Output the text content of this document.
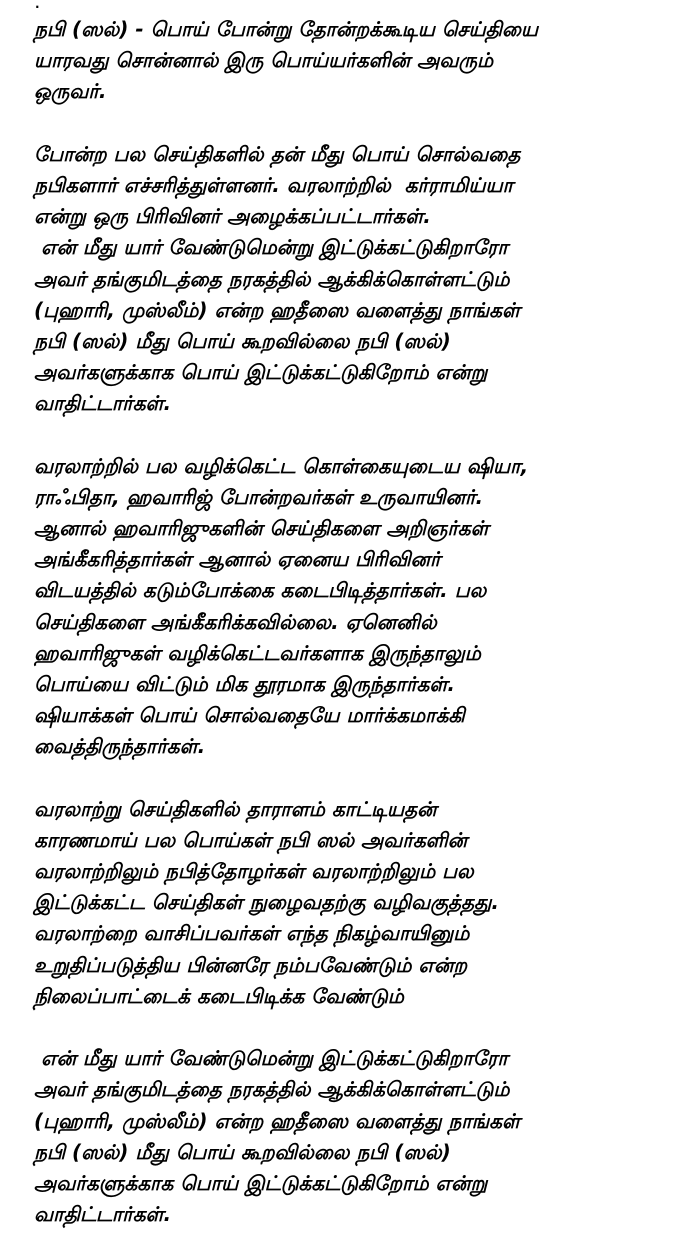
.
நபி (ஸல்) - பொய் போன்று தோன்றக்கூடிய செய்தியை
யாரவது சொன்னால் இரு பொய்யர்களின் அவரும்
ஒருவர்.
போன்ற பல செய்திகளில் தன் மீது பொய் சொல்வதை
நபிகளார் எச்சரித்துள்ளனர். வரலாற்றில்  கர்ராமிய்யா
என்று ஒரு பிரிவினர் அழைக்கப்பட்டார்கள்.
என் மீது யார் வேண்டுமென்று இட்டுக்கட்டுகிறாரோ
அவர் தங்குமிடத்தை நரகத்தில் ஆக்கிக்கொள்ளட்டும்
(புஹாரி, முஸ்லீம்) என்ற ஹதீஸை வளைத்து நாங்கள்
நபி (ஸல்) மீது பொய் கூறவில்லை நபி (ஸல்)
அவர்களுக்காக பொய் இட்டுக்கட்டுகிறோம் என்று
வாதிட்டார்கள்.
வரலாற்றில் பல வழிக்கெட்ட கொள்கையுடைய ஷியா,
ராஃபிதா, ஹவாரிஜ் போன்றவர்கள் உருவாயினர்.
ஆனால் ஹவாரிஜுகளின் செய்திகளை அறிஞர்கள்
அங்கீகரித்தார்கள் ஆனால் ஏனைய பிரிவினர்
விடயத்தில் கடும்போக்கை கடைபிடித்தார்கள். பல
செய்திகளை அங்கீகரிக்கவில்லை. ஏனெனில்
ஹவாரிஜுகள் வழிக்கெட்டவர்களாக இருந்தாலும்
பொய்யை விட்டும் மிக தூரமாக இருந்தார்கள்.
ஷியாக்கள் பொய் சொல்வதையே மார்க்கமாக்கி
வைத்திருந்தார்கள்.
வரலாற்று செய்திகளில் தாராளம் காட்டியதன்
காரணமாய் பல பொய்கள் நபி ஸல் அவர்களின்
வரலாற்றிலும் நபித்தோழர்கள் வரலாற்றிலும் பல
இட்டுக்கட்ட செய்திகள் நுழைவதற்கு வழிவகுத்தது.
வரலாற்றை வாசிப்பவர்கள் எந்த நிகழ்வாயினும்
உறுதிப்படுத்திய பின்னரே நம்பவேண்டும் என்ற
நிலைப்பாட்டைக் கடைபிடிக்க வேண்டும்
என் மீது யார் வேண்டுமென்று இட்டுக்கட்டுகிறாரோ
அவர் தங்குமிடத்தை நரகத்தில் ஆக்கிக்கொள்ளட்டும்
(புஹாரி, முஸ்லீம்) என்ற ஹதீஸை வளைத்து நாங்கள்
நபி (ஸல்) மீது பொய் கூறவில்லை நபி (ஸல்)
அவர்களுக்காக பொய் இட்டுக்கட்டுகிறோம் என்று
வாதிட்டார்கள்.
